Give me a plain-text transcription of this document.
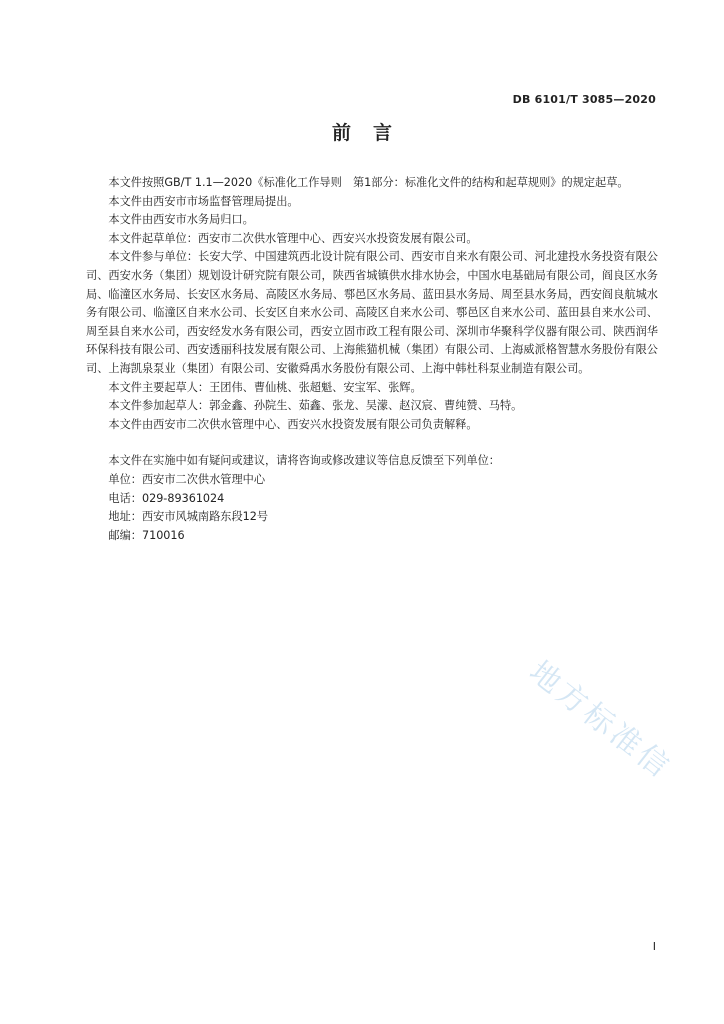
DB 6101/T 3085—2020
前言

本文件按照GB/T 1.1—2020《标准化工作导则　第1部分：标准化文件的结构和起草规则》的规定起草。

本文件由西安市市场监督管理局提出。

本文件由西安市水务局归口。

本文件起草单位：西安市二次供水管理中心、西安兴水投资发展有限公司。

本文件参与单位：长安大学、中国建筑西北设计院有限公司、西安市自来水有限公司、河北建投水务投资有限公司、西安水务（集团）规划设计研究院有限公司，陕西省城镇供水排水协会，中国水电基础局有限公司，阎良区水务局、临潼区水务局、长安区水务局、高陵区水务局、鄠邑区水务局、蓝田县水务局、周至县水务局，西安阎良航城水务有限公司、临潼区自来水公司、长安区自来水公司、高陵区自来水公司、鄠邑区自来水公司、蓝田县自来水公司、周至县自来水公司，西安经发水务有限公司，西安立固市政工程有限公司、深圳市华聚科学仪器有限公司、陕西润华环保科技有限公司、西安透丽科技发展有限公司、上海熊猫机械（集团）有限公司、上海威派格智慧水务股份有限公司、上海凯泉泵业（集团）有限公司、安徽舜禹水务股份有限公司、上海中韩杜科泵业制造有限公司。

本文件主要起草人：王团伟、曹仙桃、张超魁、安宝军、张辉。

本文件参加起草人：郭金鑫、孙院生、茹鑫、张龙、吴濛、赵汉宸、曹纯赞、马特。

本文件由西安市二次供水管理中心、西安兴水投资发展有限公司负责解释。

本文件在实施中如有疑问或建议，请将咨询或修改建议等信息反馈至下列单位：

单位：西安市二次供水管理中心

电话：029-89361024

地址：西安市风城南路东段12号

邮编：710016

地方标准信
I
